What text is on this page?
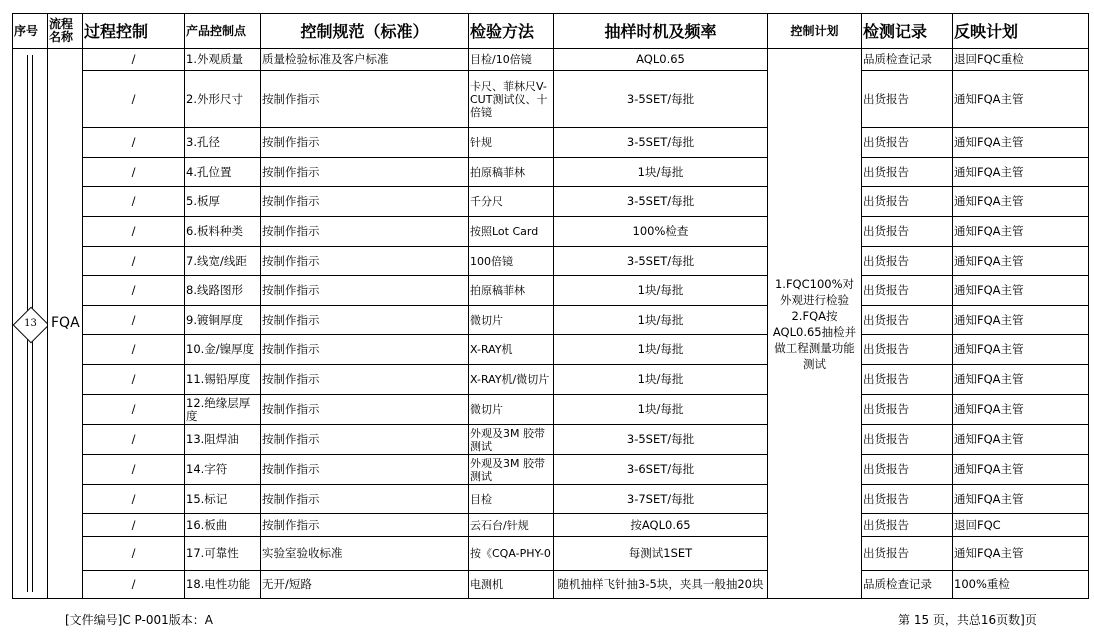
序号	流程名称	过程控制	产品控制点	控制规范（标准）	检验方法	抽样时机及频率	控制计划	检测记录	反映计划

13	FQA	/	1.外观质量	质量检验标准及客户标准	目检/10倍镜	AQL0.65	1.FQC100%对外观进行检验 2.FQA按AQL0.65抽检并做工程测量功能测试	品质检查记录	退回FQC重检

		/	2.外形尺寸	按制作指示	卡尺、菲林尺V-CUT测试仪、十倍镜	3-5SET/每批		出货报告	通知FQA主管

		/	3.孔径	按制作指示	针规	3-5SET/每批		出货报告	通知FQA主管

		/	4.孔位置	按制作指示	拍原稿菲林	1块/每批		出货报告	通知FQA主管

		/	5.板厚	按制作指示	千分尺	3-5SET/每批		出货报告	通知FQA主管

		/	6.板料种类	按制作指示	按照Lot Card	100%检查		出货报告	通知FQA主管

		/	7.线宽/线距	按制作指示	100倍镜	3-5SET/每批		出货报告	通知FQA主管

		/	8.线路图形	按制作指示	拍原稿菲林	1块/每批		出货报告	通知FQA主管

		/	9.镀铜厚度	按制作指示	微切片	1块/每批		出货报告	通知FQA主管

		/	10.金/镍厚度	按制作指示	X-RAY机	1块/每批		出货报告	通知FQA主管

		/	11.锡铅厚度	按制作指示	X-RAY机/微切片	1块/每批		出货报告	通知FQA主管

		/	12.绝缘层厚度	按制作指示	微切片	1块/每批		出货报告	通知FQA主管

		/	13.阻焊油	按制作指示	外观及3M 胶带测试	3-5SET/每批		出货报告	通知FQA主管

		/	14.字符	按制作指示	外观及3M 胶带测试	3-6SET/每批		出货报告	通知FQA主管

		/	15.标记	按制作指示	目检	3-7SET/每批		出货报告	通知FQA主管

		/	16.板曲	按制作指示	云石台/针规	按AQL0.65		出货报告	退回FQC

		/	17.可靠性	实验室验收标准	按《CQA-PHY-0	每测试1SET		出货报告	通知FQA主管

		/	18.电性功能	无开/短路	电测机	随机抽样飞针抽3-5块，夹具一般抽20块		品质检查记录	100%重检
[文件编号]C P-001版本：A	第 15 页，共总16页数]页
